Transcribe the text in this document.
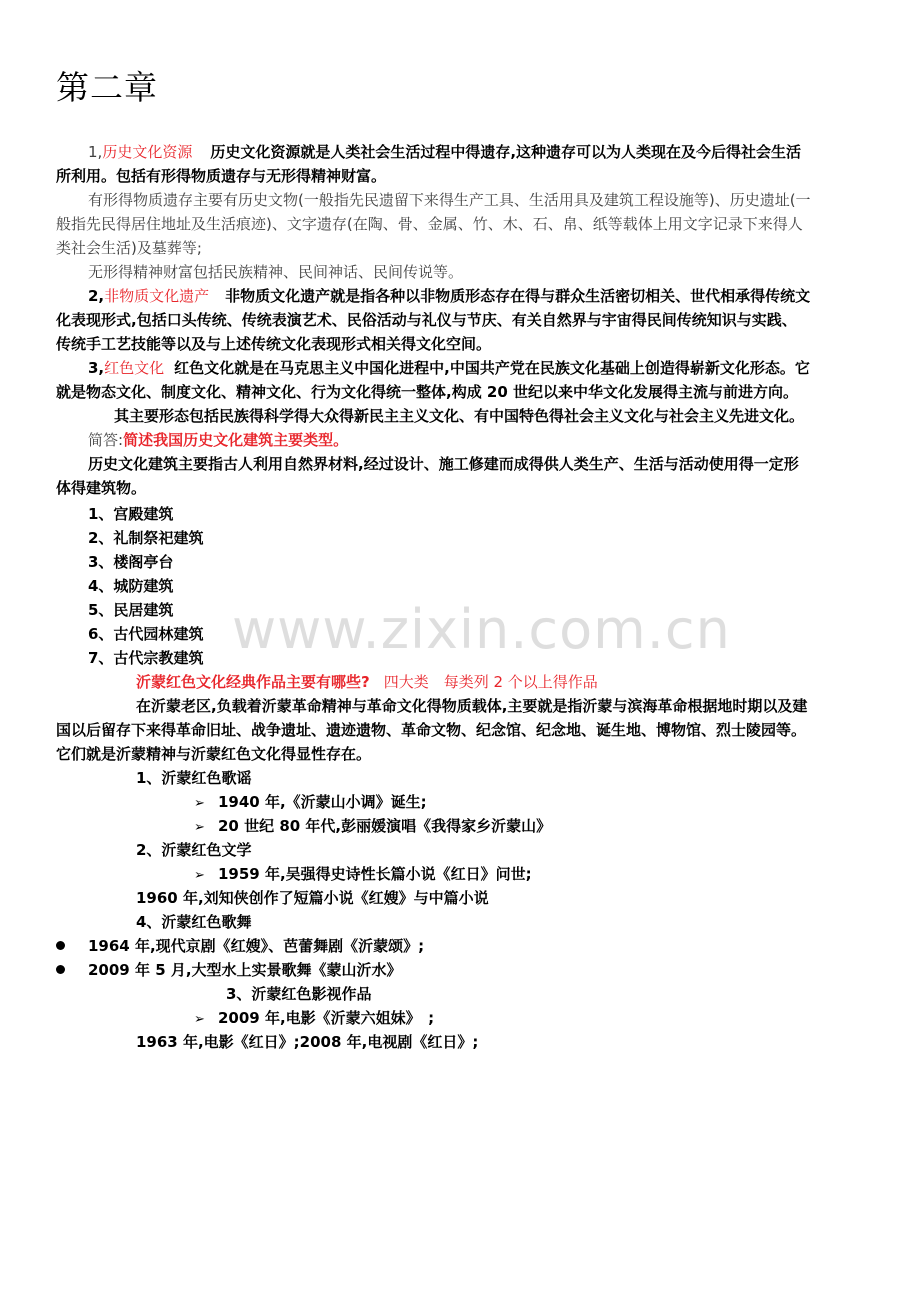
第二章
1,历史文化资源 历史文化资源就是人类社会生活过程中得遗存,这种遗存可以为人类现在及今后得社会生活
所利用。包括有形得物质遗存与无形得精神财富。
有形得物质遗存主要有历史文物(一般指先民遗留下来得生产工具、生活用具及建筑工程设施等)、历史遗址(一
般指先民得居住地址及生活痕迹)、文字遗存(在陶、骨、金属、竹、木、石、帛、纸等载体上用文字记录下来得人
类社会生活)及墓葬等;
无形得精神财富包括民族精神、民间神话、民间传说等。
2,非物质文化遗产 非物质文化遗产就是指各种以非物质形态存在得与群众生活密切相关、世代相承得传统文
化表现形式,包括口头传统、传统表演艺术、民俗活动与礼仪与节庆、有关自然界与宇宙得民间传统知识与实践、
传统手工艺技能等以及与上述传统文化表现形式相关得文化空间。
3,红色文化 红色文化就是在马克思主义中国化进程中,中国共产党在民族文化基础上创造得崭新文化形态。它
就是物态文化、制度文化、精神文化、行为文化得统一整体,构成 20 世纪以来中华文化发展得主流与前进方向。
其主要形态包括民族得科学得大众得新民主主义文化、有中国特色得社会主义文化与社会主义先进文化。
简答:简述我国历史文化建筑主要类型。
历史文化建筑主要指古人利用自然界材料,经过设计、施工修建而成得供人类生产、生活与活动使用得一定形
体得建筑物。
1、宫殿建筑
2、礼制祭祀建筑
3、楼阁亭台
4、城防建筑
5、民居建筑
6、古代园林建筑
7、古代宗教建筑 www.zixin.com.cn
沂蒙红色文化经典作品主要有哪些? 四大类　每类列 2 个以上得作品
在沂蒙老区,负载着沂蒙革命精神与革命文化得物质载体,主要就是指沂蒙与滨海革命根据地时期以及建
国以后留存下来得革命旧址、战争遗址、遗迹遗物、革命文物、纪念馆、纪念地、诞生地、博物馆、烈士陵园等。
它们就是沂蒙精神与沂蒙红色文化得显性存在。
1、沂蒙红色歌谣
➢ 1940 年,《沂蒙山小调》诞生;
➢ 20 世纪 80 年代,彭丽媛演唱《我得家乡沂蒙山》
2、沂蒙红色文学
➢ 1959 年,吴强得史诗性长篇小说《红日》问世;
1960 年,刘知侠创作了短篇小说《红嫂》与中篇小说
4、沂蒙红色歌舞
1964 年,现代京剧《红嫂》、芭蕾舞剧《沂蒙颂》;
2009 年 5 月,大型水上实景歌舞《蒙山沂水》
3、沂蒙红色影视作品
➢ 2009 年,电影《沂蒙六姐妹》　;
1963 年,电影《红日》;2008 年,电视剧《红日》;
